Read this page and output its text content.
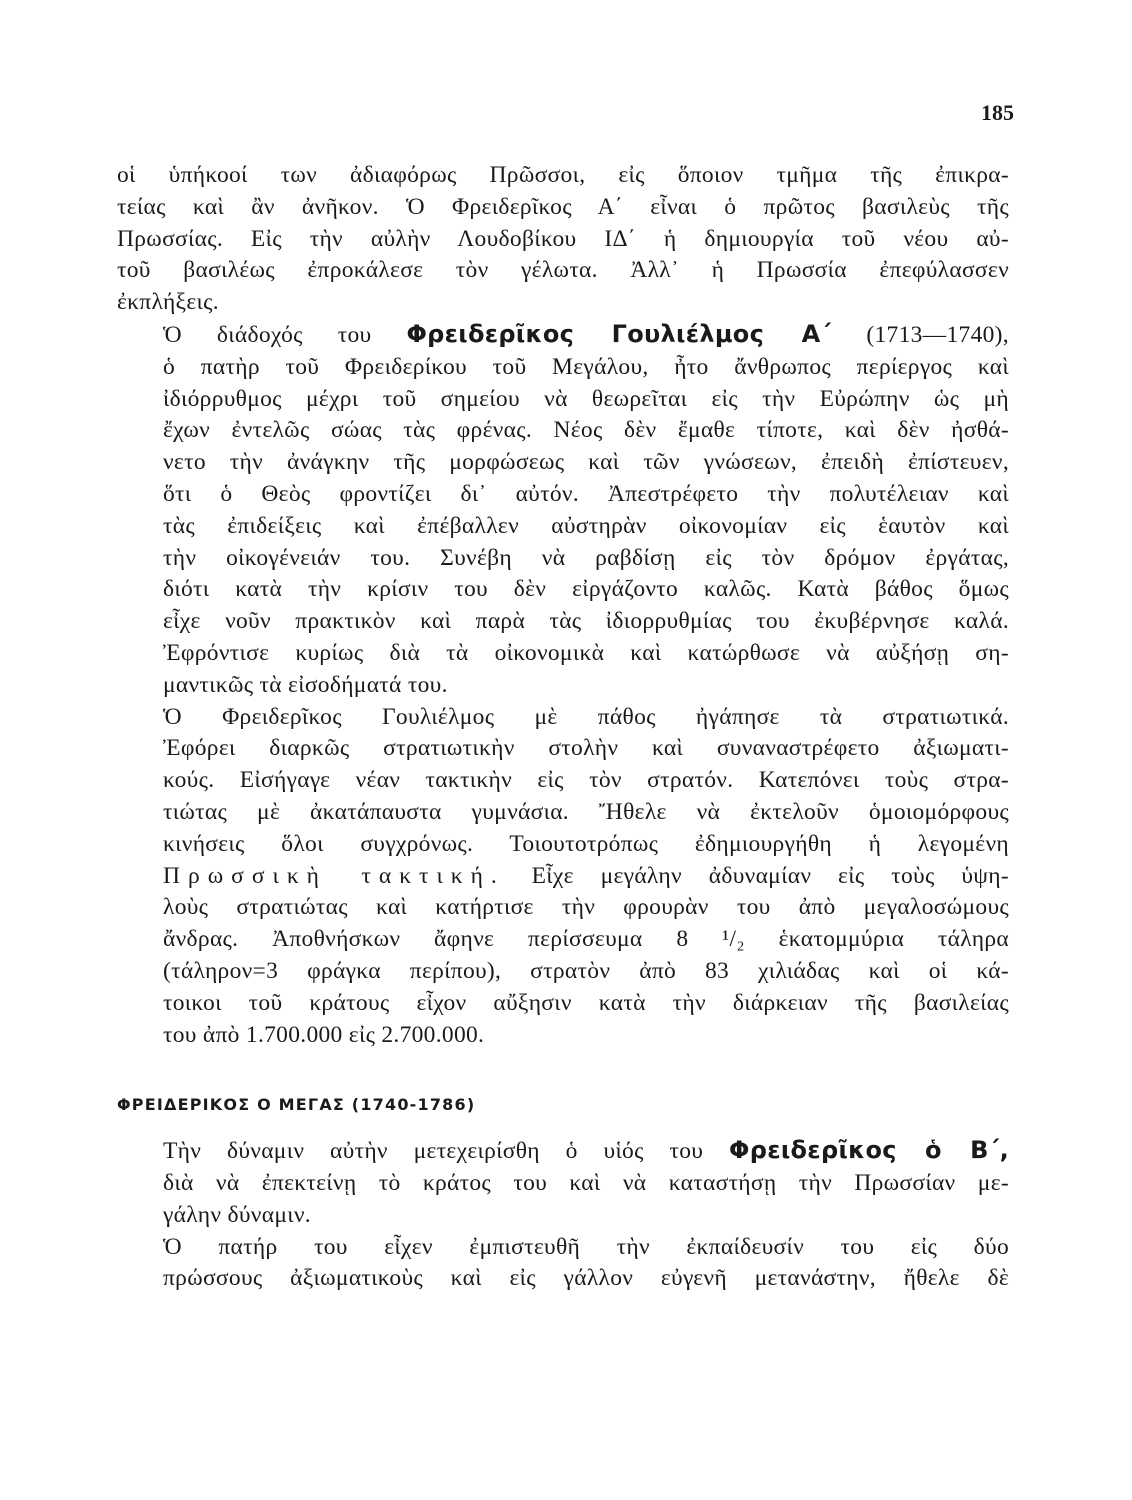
185

οἱ ὑπήκοοί των ἀδιαφόρως Πρῶσσοι, εἰς ὅποιον τμῆμα τῆς ἐπικρα-
τείας καὶ ἂν ἀνῆκον. Ὁ Φρειδερῖκος Α΄ εἶναι ὁ πρῶτος βασιλεὺς τῆς
Πρωσσίας. Εἰς τὴν αὐλὴν Λουδοβίκου ΙΔ΄ ἡ δημιουργία τοῦ νέου αὐ-
τοῦ βασιλέως ἐπροκάλεσε τὸν γέλωτα. Ἀλλ᾿ ἡ Πρωσσία ἐπεφύλασσεν
ἐκπλήξεις.

Ὁ διάδοχός του Φρειδερῖκος Γουλιέλμος Α΄ (1713—1740),
ὁ πατὴρ τοῦ Φρειδερίκου τοῦ Μεγάλου, ἦτο ἄνθρωπος περίεργος καὶ
ἰδιόρρυθμος μέχρι τοῦ σημείου νὰ θεωρεῖται εἰς τὴν Εὐρώπην ὡς μὴ
ἔχων ἐντελῶς σώας τὰς φρένας. Νέος δὲν ἔμαθε τίποτε, καὶ δὲν ἠσθά-
νετο τὴν ἀνάγκην τῆς μορφώσεως καὶ τῶν γνώσεων, ἐπειδὴ ἐπίστευεν,
ὅτι ὁ Θεὸς φροντίζει δι᾿ αὐτόν. Ἀπεστρέφετο τὴν πολυτέλειαν καὶ
τὰς ἐπιδείξεις καὶ ἐπέβαλλεν αὐστηρὰν οἰκονομίαν εἰς ἑαυτὸν καὶ
τὴν οἰκογένειάν του. Συνέβη νὰ ραβδίσῃ εἰς τὸν δρόμον ἐργάτας,
διότι κατὰ τὴν κρίσιν του δὲν εἰργάζοντο καλῶς. Κατὰ βάθος ὅμως
εἶχε νοῦν πρακτικὸν καὶ παρὰ τὰς ἰδιορρυθμίας του ἐκυβέρνησε καλά.
Ἐφρόντισε κυρίως διὰ τὰ οἰκονομικὰ καὶ κατώρθωσε νὰ αὐξήσῃ ση-
μαντικῶς τὰ εἰσοδήματά του.

Ὁ Φρειδερῖκος Γουλιέλμος μὲ πάθος ἠγάπησε τὰ στρατιωτικά.
Ἐφόρει διαρκῶς στρατιωτικὴν στολὴν καὶ συναναστρέφετο ἀξιωματι-
κούς. Εἰσήγαγε νέαν τακτικὴν εἰς τὸν στρατόν. Κατεπόνει τοὺς στρα-
τιώτας μὲ ἀκατάπαυστα γυμνάσια. Ἤθελε νὰ ἐκτελοῦν ὁμοιομόρφους
κινήσεις ὅλοι συγχρόνως. Τοιουτοτρόπως ἐδημιουργήθη ἡ λεγομένη
Πρωσσικὴ τακτική. Εἶχε μεγάλην ἀδυναμίαν εἰς τοὺς ὑψη-
λοὺς στρατιώτας καὶ κατήρτισε τὴν φρουρὰν του ἀπὸ μεγαλοσώμους
ἄνδρας. Ἀποθνήσκων ἄφηνε περίσσευμα 8 ¹/₂ ἑκατομμύρια τάληρα
(τάληρον=3 φράγκα περίπου), στρατὸν ἀπὸ 83 χιλιάδας καὶ οἱ κά-
τοικοι τοῦ κράτους εἶχον αὔξησιν κατὰ τὴν διάρκειαν τῆς βασιλείας
του ἀπὸ 1.700.000 εἰς 2.700.000.

ΦΡΕΙΔΕΡΙΚΟΣ Ο ΜΕΓΑΣ (1740-1786)

Τὴν δύναμιν αὐτὴν μετεχειρίσθη ὁ υἱός του Φρειδερῖκος ὁ Β΄,
διὰ νὰ ἐπεκτείνῃ τὸ κράτος του καὶ νὰ καταστήσῃ τὴν Πρωσσίαν με-
γάλην δύναμιν.

Ὁ πατήρ του εἶχεν ἐμπιστευθῆ τὴν ἐκπαίδευσίν του εἰς δύο
πρώσσους ἀξιωματικοὺς καὶ εἰς γάλλον εὐγενῆ μετανάστην, ἤθελε δὲ
